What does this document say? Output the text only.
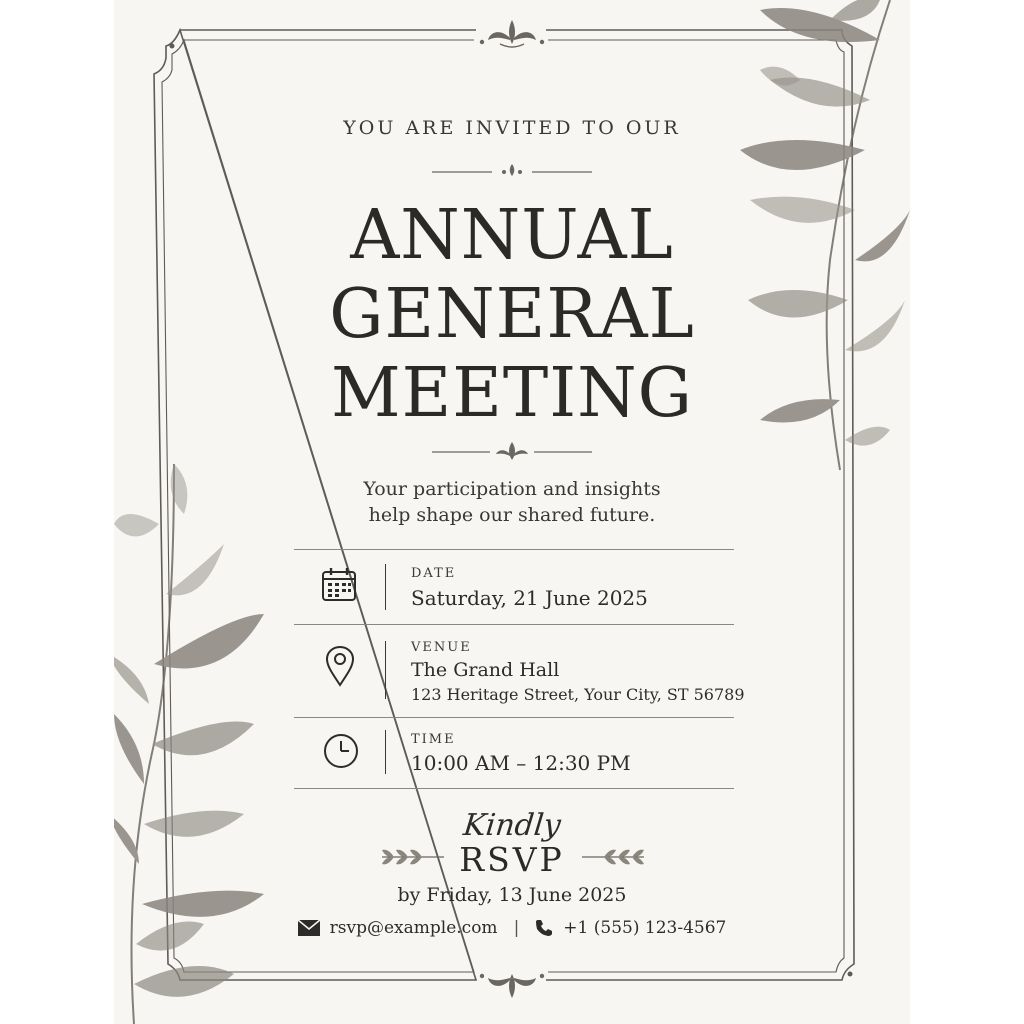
YOU ARE INVITED TO OUR
ANNUAL
GENERAL
MEETING
Your participation and insights
help shape our shared future.
DATE
Saturday, 21 June 2025
VENUE
The Grand Hall
123 Heritage Street, Your City, ST 56789
TIME
10:00 AM – 12:30 PM
Kindly
RSVP
by Friday, 13 June 2025
rsvp@example.com |	+1 (555) 123-4567
